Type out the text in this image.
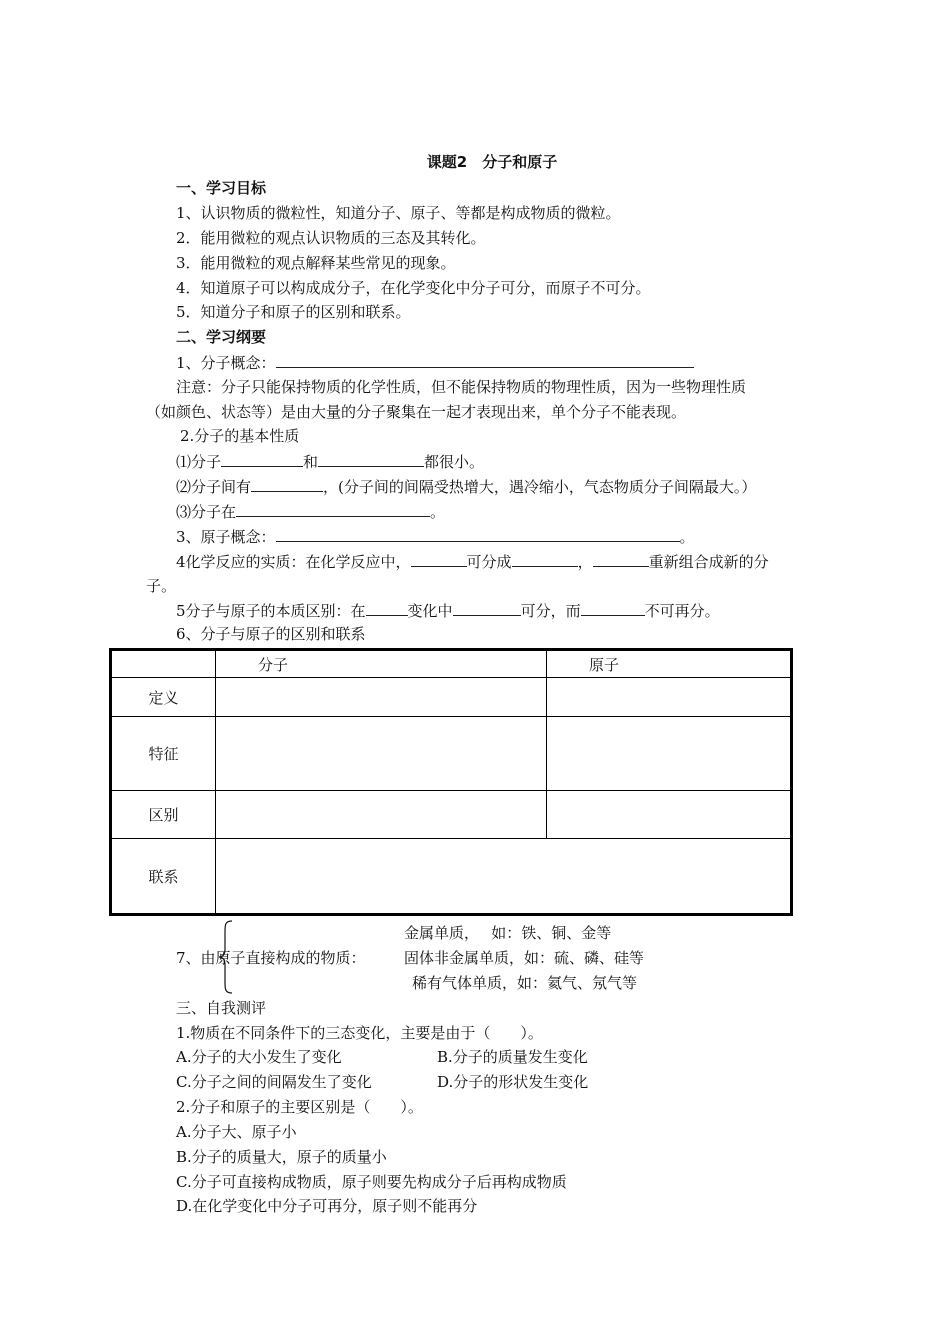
课题2　分子和原子
一、学习目标
1、认识物质的微粒性，知道分子、原子、等都是构成物质的微粒。
2．能用微粒的观点认识物质的三态及其转化。
3．能用微粒的观点解释某些常见的现象。
4．知道原子可以构成成分子，在化学变化中分子可分，而原子不可分。
5．知道分子和原子的区别和联系。
二、学习纲要
1、分子概念：
注意：分子只能保持物质的化学性质，但不能保持物质的物理性质，因为一些物理性质
（如颜色、状态等）是由大量的分子聚集在一起才表现出来，单个分子不能表现。
2.分子的基本性质
⑴分子	和	都很小。
⑵分子间有	，(分子间的间隔受热增大，遇冷缩小，气态物质分子间隔最大。）
⑶分子在	。
3、原子概念：	。
4化学反应的实质：在化学反应中，	可分成	，	重新组合成新的分
子。
5分子与原子的本质区别：在	变化中	可分，而	不可再分。
6、分子与原子的区别和联系
	分子	原子
定义		
特征		
区别		
联系		
7、由原子直接构成的物质：
金属单质，　 如：铁、铜、金等
固体非金属单质，如：硫、磷、硅等
稀有气体单质，如：氦气、氖气等
三、自我测评
1.物质在不同条件下的三态变化，主要是由于（　　）。
A.分子的大小发生了变化	B.分子的质量发生变化
C.分子之间的间隔发生了变化	D.分子的形状发生变化
2.分子和原子的主要区别是（　　）。
A.分子大、原子小
B.分子的质量大，原子的质量小
C.分子可直接构成物质，原子则要先构成分子后再构成物质
D.在化学变化中分子可再分，原子则不能再分
